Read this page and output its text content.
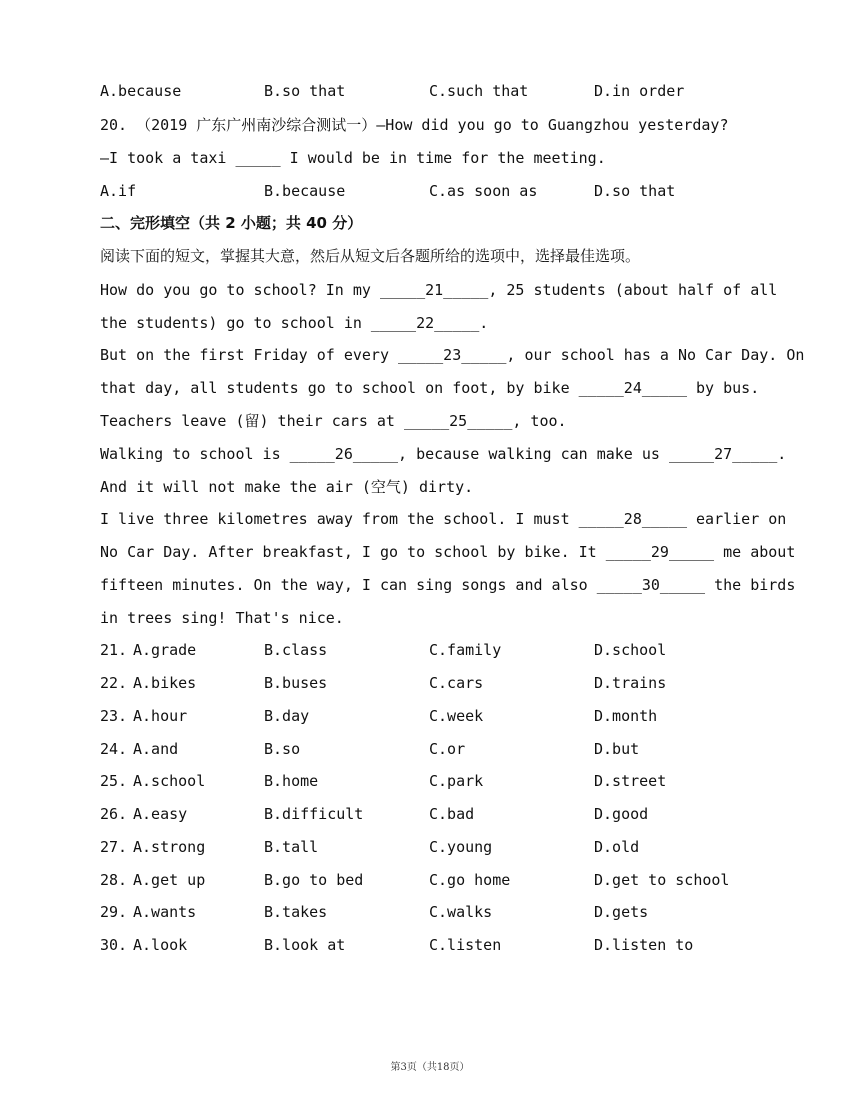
A.because	B.so that	C.such that	D.in order
20. （2019 广东广州南沙综合测试一）—How did you go to Guangzhou yesterday?
—I took a taxi _____ I would be in time for the meeting.
A.if	B.because	C.as soon as	D.so that
二、完形填空（共 2 小题；共 40 分）
阅读下面的短文，掌握其大意，然后从短文后各题所给的选项中，选择最佳选项。
How do you go to school? In my _____21_____, 25 students (about half of all
the students) go to school in _____22_____.
But on the first Friday of every _____23_____, our school has a No Car Day. On
that day, all students go to school on foot, by bike _____24_____ by bus.
Teachers leave (留) their cars at _____25_____, too.
Walking to school is _____26_____, because walking can make us _____27_____.
And it will not make the air (空气) dirty.
I live three kilometres away from the school. I must _____28_____ earlier on
No Car Day. After breakfast, I go to school by bike. It _____29_____ me about
fifteen minutes. On the way, I can sing songs and also _____30_____ the birds
in trees sing! That's nice.
21. A.grade	B.class	C.family	D.school
22. A.bikes	B.buses	C.cars	D.trains
23. A.hour	B.day	C.week	D.month
24. A.and	B.so	C.or	D.but
25. A.school	B.home	C.park	D.street
26. A.easy	B.difficult	C.bad	D.good
27. A.strong	B.tall	C.young	D.old
28. A.get up	B.go to bed	C.go home	D.get to school
29. A.wants	B.takes	C.walks	D.gets
30. A.look	B.look at	C.listen	D.listen to
第3页（共18页）
